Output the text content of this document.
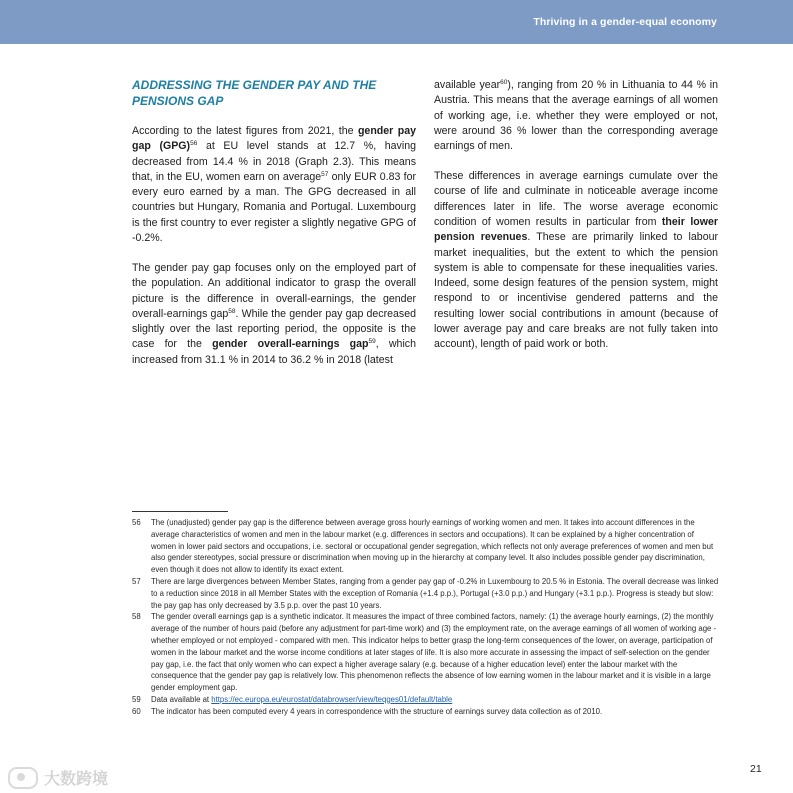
Thriving in a gender-equal economy
ADDRESSING THE GENDER PAY AND THE PENSIONS GAP

According to the latest figures from 2021, the gender pay gap (GPG)$^{56}$ at EU level stands at 12.7 %, having decreased from 14.4 % in 2018 (Graph 2.3). This means that, in the EU, women earn on average$^{57}$ only EUR 0.83 for every euro earned by a man. The GPG decreased in all countries but Hungary, Romania and Portugal. Luxembourg is the first country to ever register a slightly negative GPG of -0.2%.

The gender pay gap focuses only on the employed part of the population. An additional indicator to grasp the overall picture is the difference in overall-earnings, the gender overall-earnings gap$^{58}$. While the gender pay gap decreased slightly over the last reporting period, the opposite is the case for the gender overall-earnings gap$^{59}$, which increased from 31.1 % in 2014 to 36.2 % in 2018 (latest

available year$^{60}$), ranging from 20 % in Lithuania to 44 % in Austria. This means that the average earnings of all women of working age, i.e. whether they were employed or not, were around 36 % lower than the corresponding average earnings of men.

These differences in average earnings cumulate over the course of life and culminate in noticeable average income differences later in life. The worse average economic condition of women results in particular from their lower pension revenues. These are primarily linked to labour market inequalities, but the extent to which the pension system is able to compensate for these inequalities varies. Indeed, some design features of the pension system, might respond to or incentivise gendered patterns and the resulting lower social contributions in amount (because of lower average pay and care breaks are not fully taken into account), length of paid work or both.

56	The (unadjusted) gender pay gap is the difference between average gross hourly earnings of working women and men. It takes into account differences in the average characteristics of women and men in the labour market (e.g. differences in sectors and occupations). It can be explained by a higher concentration of women in lower paid sectors and occupations, i.e. sectoral or occupational gender segregation, which reflects not only average preferences of women and men but also gender stereotypes, social pressure or discrimination when moving up in the hierarchy at company level. It also includes possible gender pay discrimination, even though it does not allow to identify its exact extent.
57	There are large divergences between Member States, ranging from a gender pay gap of -0.2% in Luxembourg to 20.5 % in Estonia. The overall decrease was linked to a reduction since 2018 in all Member States with the exception of Romania (+1.4 p.p.), Portugal (+3.0 p.p.) and Hungary (+3.1 p.p.). Progress is steady but slow: the pay gap has only decreased by 3.5 p.p. over the past 10 years.
58	The gender overall earnings gap is a synthetic indicator. It measures the impact of three combined factors, namely: (1) the average hourly earnings, (2) the monthly average of the number of hours paid (before any adjustment for part-time work) and (3) the employment rate, on the average earnings of all women of working age - whether employed or not employed - compared with men. This indicator helps to better grasp the long-term consequences of the lower, on average, participation of women in the labour market and the worse income conditions at later stages of life. It is also more accurate in assessing the impact of self-selection on the gender pay gap, i.e. the fact that only women who can expect a higher average salary (e.g. because of a higher education level) enter the labour market with the consequence that the gender pay gap is relatively low. This phenomenon reflects the absence of low earning women in the labour market and it is visible in a large gender employment gap.
59	Data available at https://ec.europa.eu/eurostat/databrowser/view/teqges01/default/table
60	The indicator has been computed every 4 years in correspondence with the structure of earnings survey data collection as of 2010.
21
大数跨境
